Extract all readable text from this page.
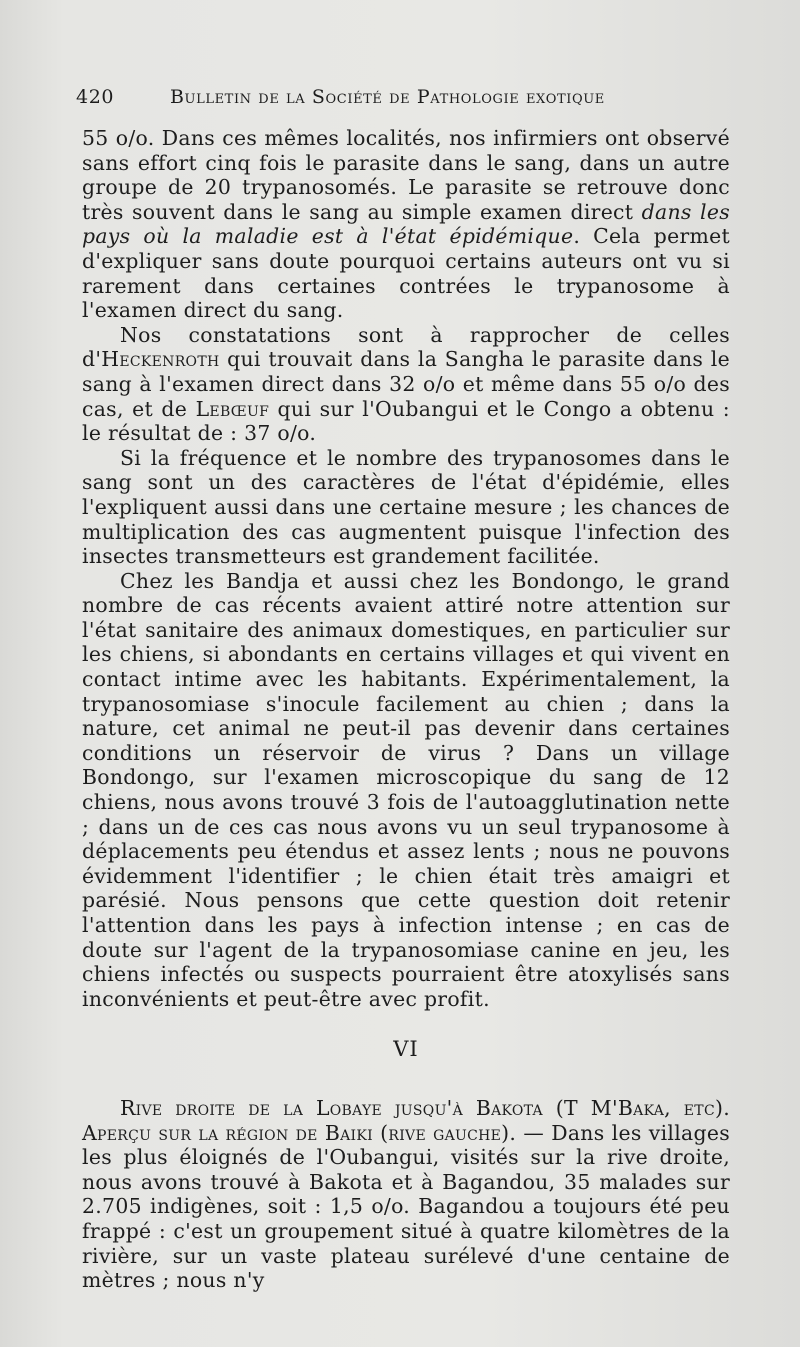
420	Bulletin de la Société de Pathologie exotique

55 o/o. Dans ces mêmes localités, nos infirmiers ont observé sans effort cinq fois le parasite dans le sang, dans un autre groupe de 20 trypanosomés. Le parasite se retrouve donc très souvent dans le sang au simple examen direct dans les pays où la maladie est à l'état épidémique. Cela permet d'expliquer sans doute pourquoi certains auteurs ont vu si rarement dans certaines contrées le trypanosome à l'examen direct du sang.

Nos constatations sont à rapprocher de celles d'Heckenroth qui trouvait dans la Sangha le parasite dans le sang à l'examen direct dans 32 o/o et même dans 55 o/o des cas, et de Lebœuf qui sur l'Oubangui et le Congo a obtenu : le résultat de : 37 o/o.

Si la fréquence et le nombre des trypanosomes dans le sang sont un des caractères de l'état d'épidémie, elles l'expliquent aussi dans une certaine mesure ; les chances de multiplication des cas augmentent puisque l'infection des insectes transmetteurs est grandement facilitée.

Chez les Bandja et aussi chez les Bondongo, le grand nombre de cas récents avaient attiré notre attention sur l'état sanitaire des animaux domestiques, en particulier sur les chiens, si abondants en certains villages et qui vivent en contact intime avec les habitants. Expérimentalement, la trypanosomiase s'inocule facilement au chien ; dans la nature, cet animal ne peut-il pas devenir dans certaines conditions un réservoir de virus ? Dans un village Bondongo, sur l'examen microscopique du sang de 12 chiens, nous avons trouvé 3 fois de l'autoagglutination nette ; dans un de ces cas nous avons vu un seul trypanosome à déplacements peu étendus et assez lents ; nous ne pouvons évidemment l'identifier ; le chien était très amaigri et parésié. Nous pensons que cette question doit retenir l'attention dans les pays à infection intense ; en cas de doute sur l'agent de la trypanosomiase canine en jeu, les chiens infectés ou suspects pourraient être atoxylisés sans inconvénients et peut-être avec profit.

VI

Rive droite de la Lobaye jusqu'à Bakota (T M'Baka, etc). Aperçu sur la région de Baiki (rive gauche). — Dans les villages les plus éloignés de l'Oubangui, visités sur la rive droite, nous avons trouvé à Bakota et à Bagandou, 35 malades sur 2.705 indigènes, soit : 1,5 o/o. Bagandou a toujours été peu frappé : c'est un groupement situé à quatre kilomètres de la rivière, sur un vaste plateau surélevé d'une centaine de mètres ; nous n'y
